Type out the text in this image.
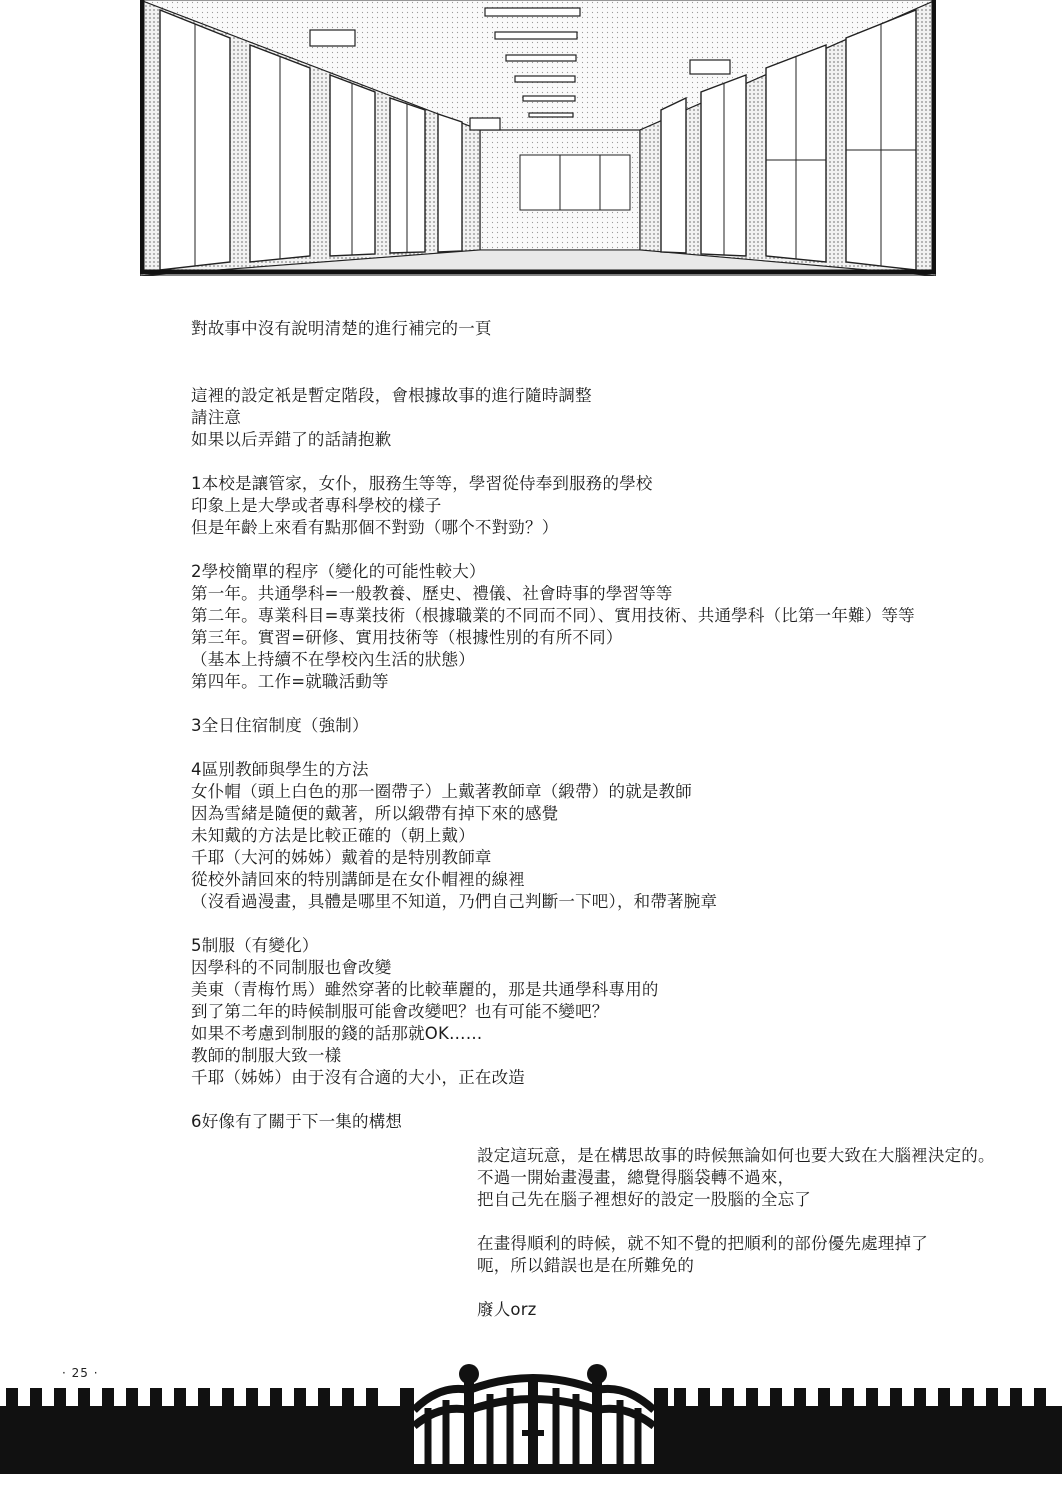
對故事中沒有說明清楚的進行補完的一頁
這裡的設定衹是暫定階段，會根據故事的進行隨時調整
請注意
如果以后弄錯了的話請抱歉
1本校是讓管家，女仆，服務生等等，學習從侍奉到服務的學校
印象上是大學或者專科學校的樣子
但是年齡上來看有點那個不對勁（哪个不對勁？）
2學校簡單的程序（變化的可能性較大）
第一年。共通學科=一般教養、歷史、禮儀、社會時事的學習等等
第二年。專業科目=專業技術（根據職業的不同而不同）、實用技術、共通學科（比第一年難）等等
第三年。實習=研修、實用技術等（根據性別的有所不同）
（基本上持續不在學校內生活的狀態）
第四年。工作=就職活動等
3全日住宿制度（強制）
4區別教師與學生的方法
女仆帽（頭上白色的那一圈帶子）上戴著教師章（緞帶）的就是教師
因為雪緒是隨便的戴著，所以緞帶有掉下來的感覺
未知戴的方法是比較正確的（朝上戴）
千耶（大河的姊姊）戴着的是特別教師章
從校外請回來的特別講師是在女仆帽裡的線裡
（沒看過漫畫，具體是哪里不知道，乃們自己判斷一下吧），和帶著腕章
5制服（有變化）
因學科的不同制服也會改變
美東（青梅竹馬）雖然穿著的比較華麗的，那是共通學科專用的
到了第二年的時候制服可能會改變吧？也有可能不變吧？
如果不考慮到制服的錢的話那就OK……
教師的制服大致一樣
千耶（姊姊）由于沒有合適的大小，正在改造
6好像有了關于下一集的構想
設定這玩意，是在構思故事的時候無論如何也要大致在大腦裡決定的。
不過一開始畫漫畫，總覺得腦袋轉不過來，
把自己先在腦子裡想好的設定一股腦的全忘了
在畫得順利的時候，就不知不覺的把順利的部份優先處理掉了
呃，所以錯誤也是在所難免的
廢人orz
· 25 ·
